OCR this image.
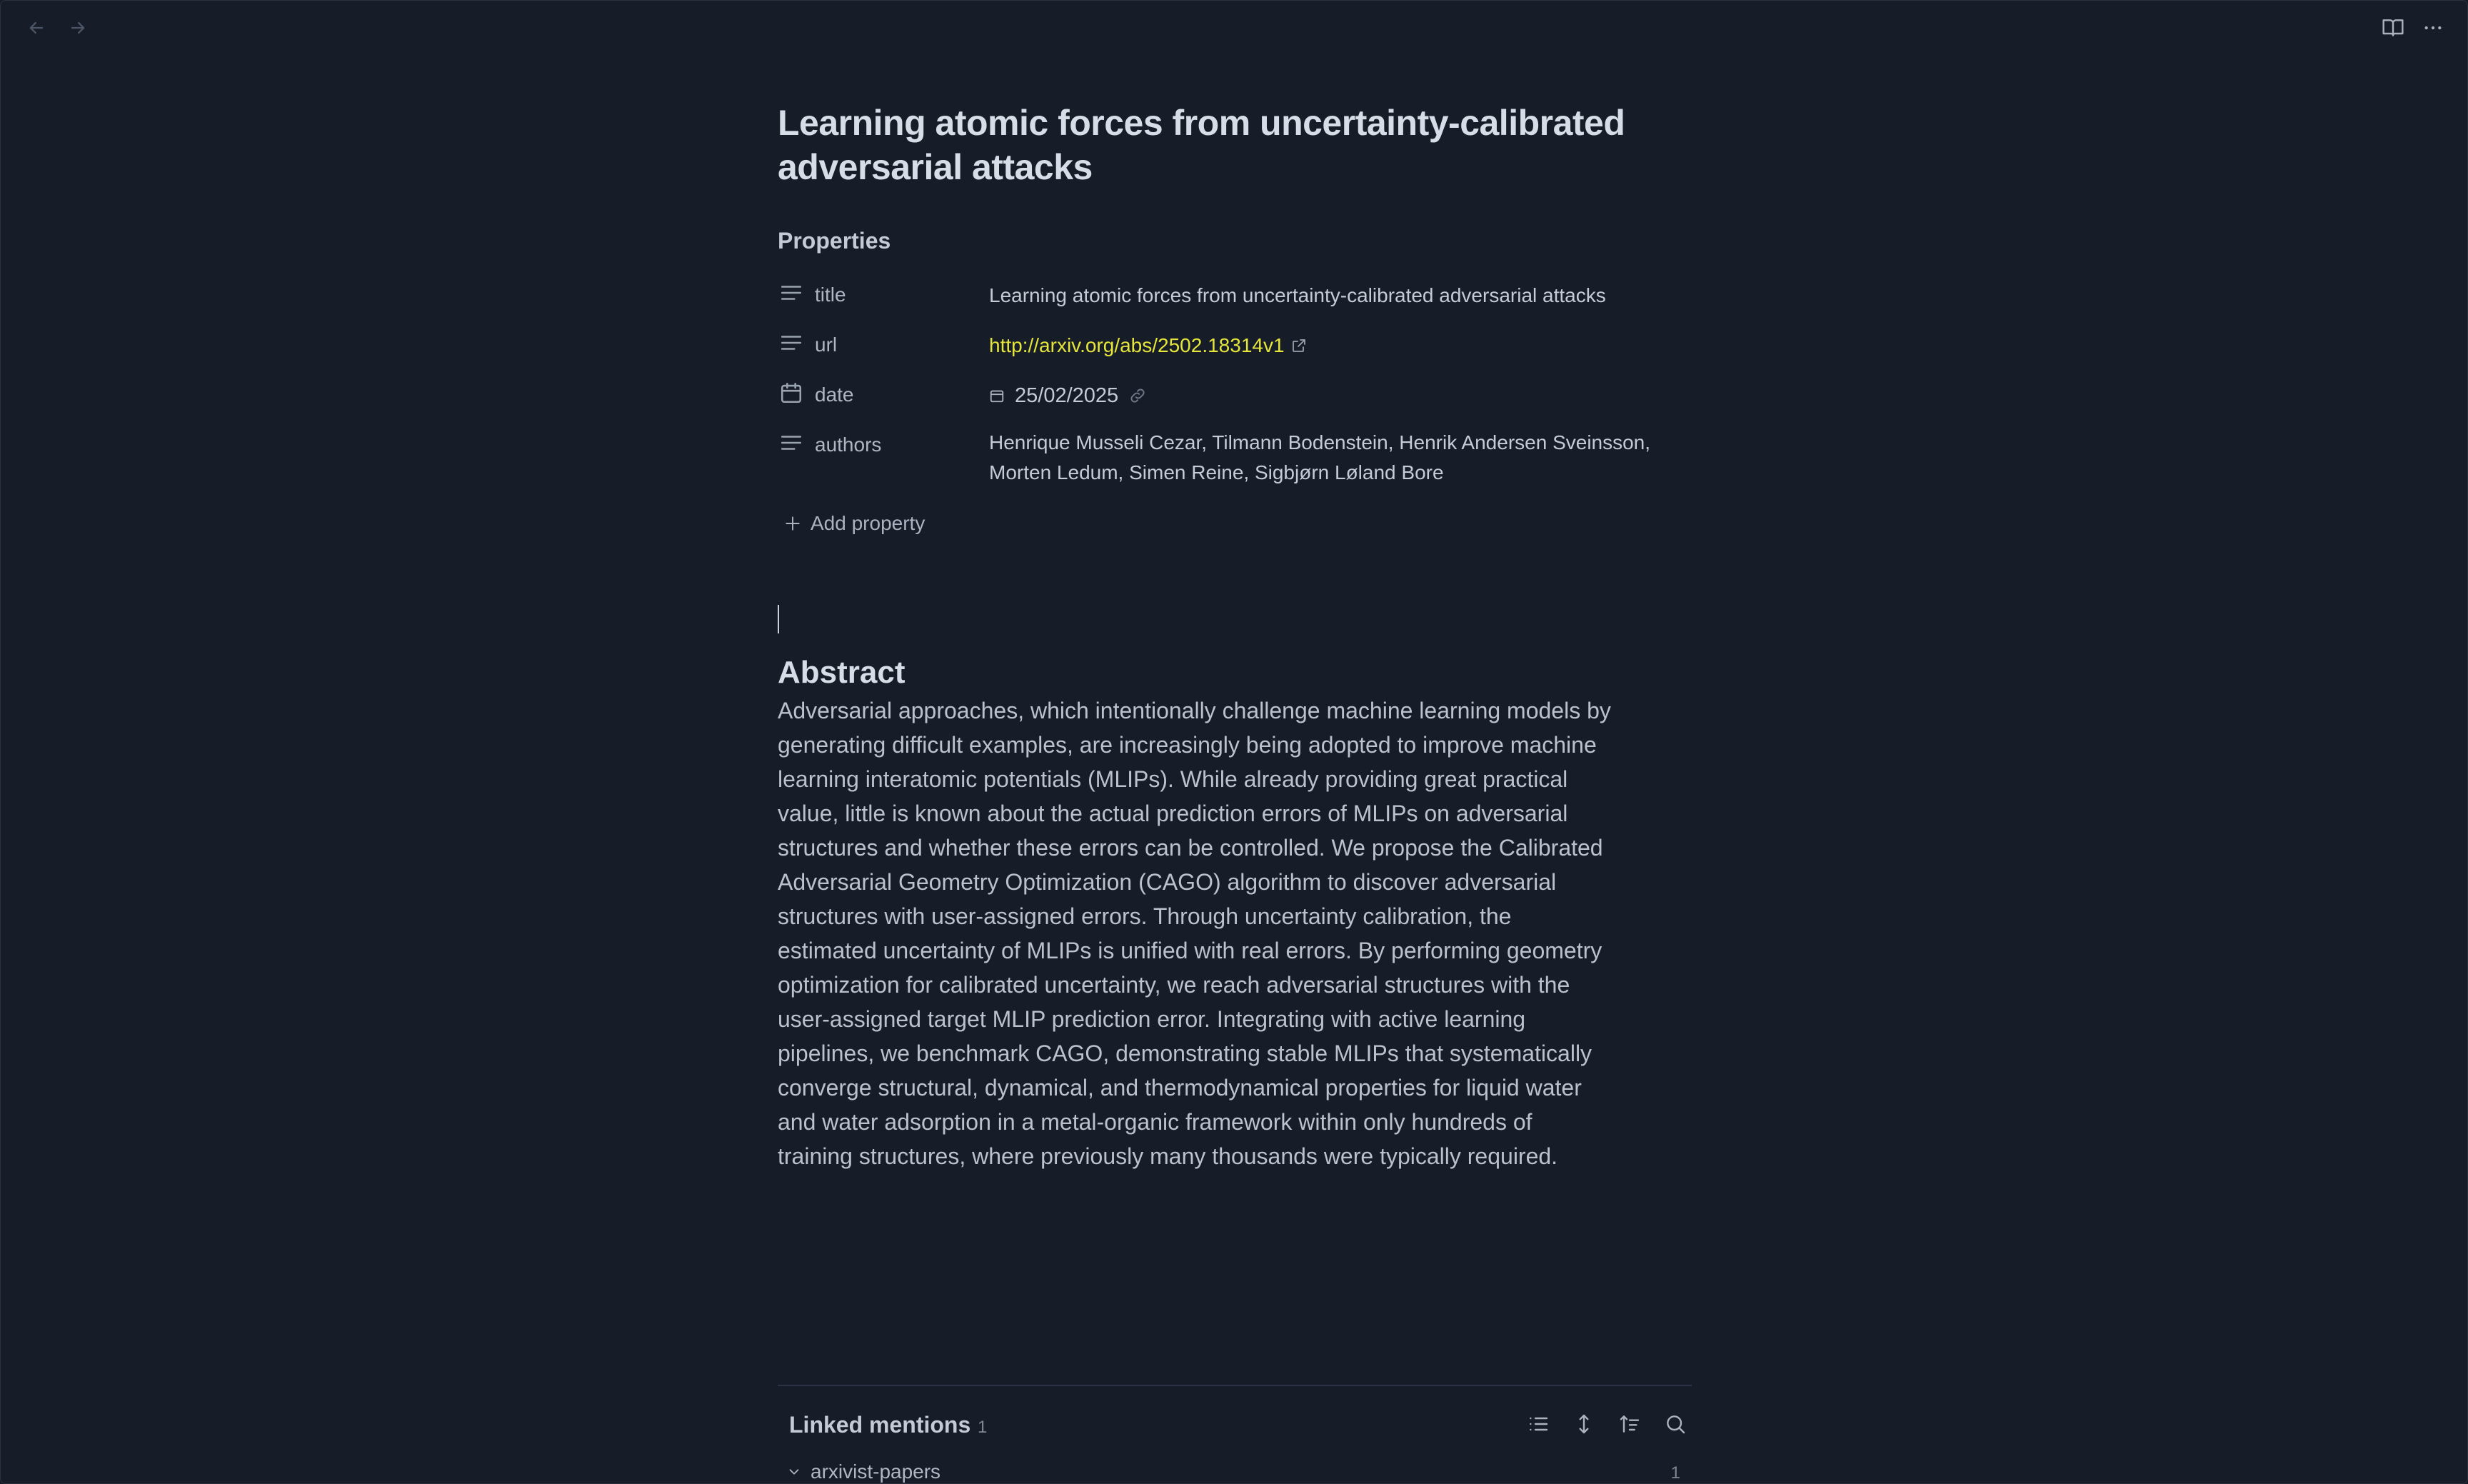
Learning atomic forces from uncertainty-calibrated adversarial attacks
Properties
title	Learning atomic forces from uncertainty-calibrated adversarial attacks
url	http://arxiv.org/abs/2502.18314v1
date	25/02/2025
authors	Henrique Musseli Cezar, Tilmann Bodenstein, Henrik Andersen Sveinsson, Morten Ledum, Simen Reine, Sigbjørn Løland Bore
Add property
Abstract
Adversarial approaches, which intentionally challenge machine learning models by generating difficult examples, are increasingly being adopted to improve machine learning interatomic potentials (MLIPs). While already providing great practical value, little is known about the actual prediction errors of MLIPs on adversarial structures and whether these errors can be controlled. We propose the Calibrated Adversarial Geometry Optimization (CAGO) algorithm to discover adversarial structures with user-assigned errors. Through uncertainty calibration, the estimated uncertainty of MLIPs is unified with real errors. By performing geometry optimization for calibrated uncertainty, we reach adversarial structures with the user-assigned target MLIP prediction error. Integrating with active learning pipelines, we benchmark CAGO, demonstrating stable MLIPs that systematically converge structural, dynamical, and thermodynamical properties for liquid water and water adsorption in a metal-organic framework within only hundreds of training structures, where previously many thousands were typically required.
Linked mentions 1
arxivist-papers	1
